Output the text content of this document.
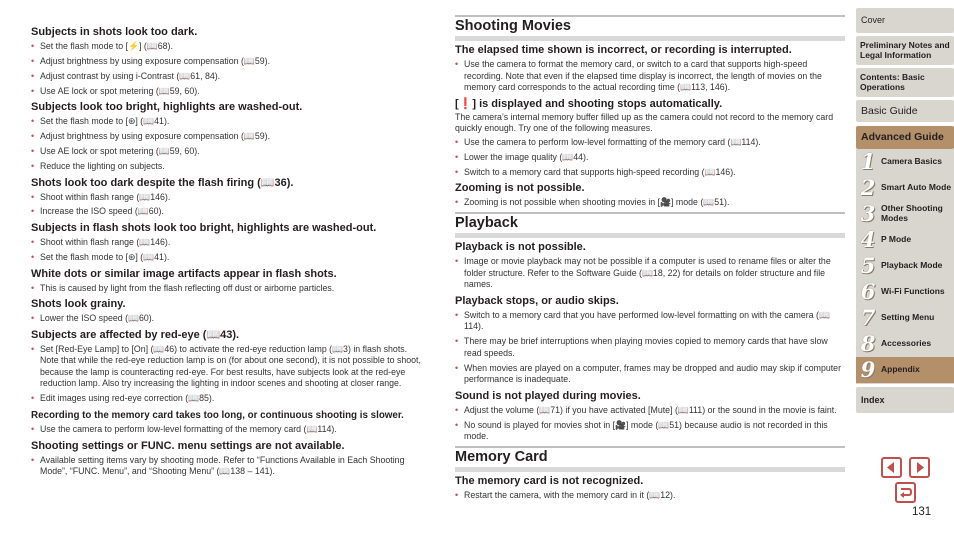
Subjects in shots look too dark.
• Set the flash mode to [⚡] (📖68).
• Adjust brightness by using exposure compensation (📖59).
• Adjust contrast by using i-Contrast (📖61, 84).
• Use AE lock or spot metering (📖59, 60).
Subjects look too bright, highlights are washed-out.
• Set the flash mode to [⊛] (📖41).
• Adjust brightness by using exposure compensation (📖59).
• Use AE lock or spot metering (📖59, 60).
• Reduce the lighting on subjects.
Shots look too dark despite the flash firing (📖36).
• Shoot within flash range (📖146).
• Increase the ISO speed (📖60).
Subjects in flash shots look too bright, highlights are washed-out.
• Shoot within flash range (📖146).
• Set the flash mode to [⊛] (📖41).
White dots or similar image artifacts appear in flash shots.
• This is caused by light from the flash reflecting off dust or airborne particles.
Shots look grainy.
• Lower the ISO speed (📖60).
Subjects are affected by red-eye (📖43).
• Set [Red-Eye Lamp] to [On] (📖46) to activate the red-eye reduction lamp (📖3) in flash shots. Note that while the red-eye reduction lamp is on (for about one second), it is not possible to shoot, because the lamp is counteracting red-eye. For best results, have subjects look at the red-eye reduction lamp. Also try increasing the lighting in indoor scenes and shooting at closer range.
• Edit images using red-eye correction (📖85).
Recording to the memory card takes too long, or continuous shooting is slower.
• Use the camera to perform low-level formatting of the memory card (📖114).
Shooting settings or FUNC. menu settings are not available.
• Available setting items vary by shooting mode. Refer to “Functions Available in Each Shooting Mode”, “FUNC. Menu”, and “Shooting Menu” (📖138 – 141).
Shooting Movies
The elapsed time shown is incorrect, or recording is interrupted.
• Use the camera to format the memory card, or switch to a card that supports high-speed recording. Note that even if the elapsed time display is incorrect, the length of movies on the memory card corresponds to the actual recording time (📖113, 146).
[❗] is displayed and shooting stops automatically.
The camera’s internal memory buffer filled up as the camera could not record to the memory card quickly enough. Try one of the following measures.
• Use the camera to perform low-level formatting of the memory card (📖114).
• Lower the image quality (📖44).
• Switch to a memory card that supports high-speed recording (📖146).
Zooming is not possible.
• Zooming is not possible when shooting movies in [🎥] mode (📖51).
Playback
Playback is not possible.
• Image or movie playback may not be possible if a computer is used to rename files or alter the folder structure. Refer to the Software Guide (📖18, 22) for details on folder structure and file names.
Playback stops, or audio skips.
• Switch to a memory card that you have performed low-level formatting on with the camera (📖114).
• There may be brief interruptions when playing movies copied to memory cards that have slow read speeds.
• When movies are played on a computer, frames may be dropped and audio may skip if computer performance is inadequate.
Sound is not played during movies.
• Adjust the volume (📖71) if you have activated [Mute] (📖111) or the sound in the movie is faint.
• No sound is played for movies shot in [🎥] mode (📖51) because audio is not recorded in this mode.
Memory Card
The memory card is not recognized.
• Restart the camera, with the memory card in it (📖12).
Cover
Preliminary Notes and Legal Information
Contents: Basic Operations
Basic Guide
Advanced Guide
1 Camera Basics
2 Smart Auto Mode
3 Other Shooting Modes
4 P Mode
5 Playback Mode
6 Wi-Fi Functions
7 Setting Menu
8 Accessories
9 Appendix
Index
131
